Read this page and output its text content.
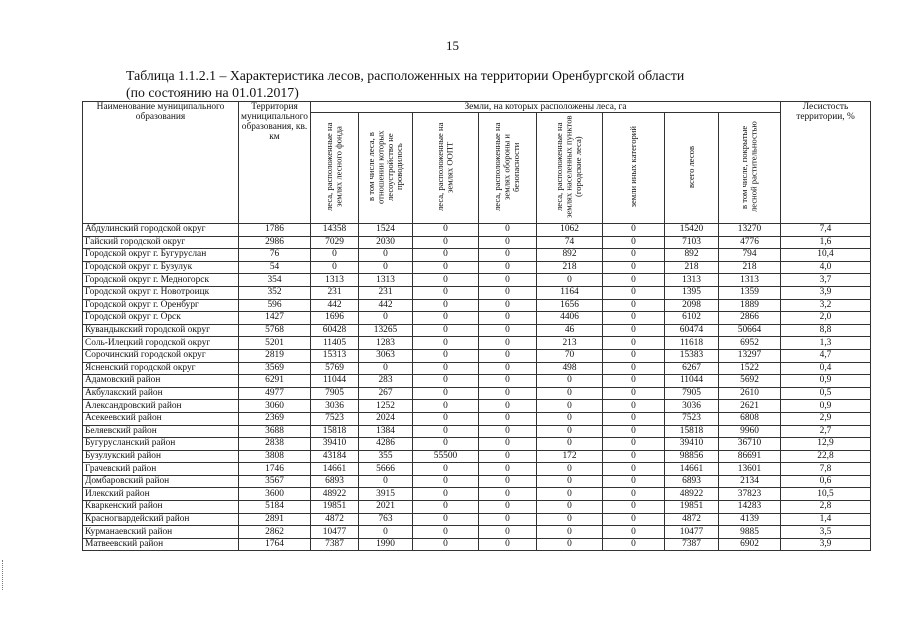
15
Таблица 1.1.2.1 – Характеристика лесов, расположенных на территории Оренбургской области
(по состоянию на 01.01.2017)
Наименование муниципального образования	Территория муниципального образования, кв. км	Земли, на которых расположены леса, га								Лесистость территории, %
		леса, расположенные на землях лесного фонда	в том числе леса, в отношении которых лесоустройство не проводилось	леса, расположенные на землях ООПТ	леса, расположенные на землях обороны и безопасности	леса, расположенные на землях населенных пунктов (городские леса)	земли иных категорий	всего лесов	в том числе, покрытые лесной растительностью	
Абдулинский городской округ	1786	14358	1524	0	0	1062	0	15420	13270	7,4
Гайский городской округ	2986	7029	2030	0	0	74	0	7103	4776	1,6
Городской округ г. Бугуруслан	76	0	0	0	0	892	0	892	794	10,4
Городской округ г. Бузулук	54	0	0	0	0	218	0	218	218	4,0
Городской округ г. Медногорск	354	1313	1313	0	0	0	0	1313	1313	3,7
Городской округ г. Новотроицк	352	231	231	0	0	1164	0	1395	1359	3,9
Городской округ г. Оренбург	596	442	442	0	0	1656	0	2098	1889	3,2
Городской округ г. Орск	1427	1696	0	0	0	4406	0	6102	2866	2,0
Кувандыкский городской округ	5768	60428	13265	0	0	46	0	60474	50664	8,8
Соль-Илецкий городской округ	5201	11405	1283	0	0	213	0	11618	6952	1,3
Сорочинский городской округ	2819	15313	3063	0	0	70	0	15383	13297	4,7
Ясненский городской округ	3569	5769	0	0	0	498	0	6267	1522	0,4
Адамовский район	6291	11044	283	0	0	0	0	11044	5692	0,9
Акбулакский район	4977	7905	267	0	0	0	0	7905	2610	0,5
Александровский район	3060	3036	1252	0	0	0	0	3036	2621	0,9
Асекеевский район	2369	7523	2024	0	0	0	0	7523	6808	2,9
Беляевский район	3688	15818	1384	0	0	0	0	15818	9960	2,7
Бугурусланский район	2838	39410	4286	0	0	0	0	39410	36710	12,9
Бузулукский район	3808	43184	355	55500	0	172	0	98856	86691	22,8
Грачевский район	1746	14661	5666	0	0	0	0	14661	13601	7,8
Домбаровский район	3567	6893	0	0	0	0	0	6893	2134	0,6
Илекский район	3600	48922	3915	0	0	0	0	48922	37823	10,5
Кваркенский район	5184	19851	2021	0	0	0	0	19851	14283	2,8
Красногвардейский район	2891	4872	763	0	0	0	0	4872	4139	1,4
Курманаевский район	2862	10477	0	0	0	0	0	10477	9885	3,5
Матвеевский район	1764	7387	1990	0	0	0	0	7387	6902	3,9
